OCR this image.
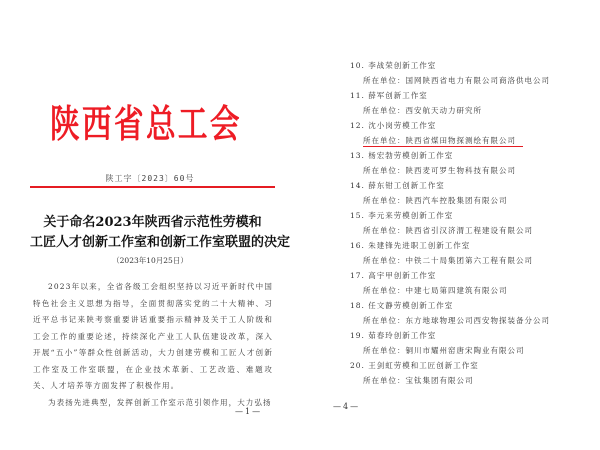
陕西省总工会
陕工字〔2023〕60号
关于命名2023年陕西省示范性劳模和
工匠人才创新工作室和创新工作室联盟的决定
（2023年10月25日）

2023年以来，全省各级工会组织坚持以习近平新时代中国特色社会主义思想为指导，全面贯彻落实党的二十大精神、习近平总书记来陕考察重要讲话重要指示精神及关于工人阶级和工会工作的重要论述，持续深化产业工人队伍建设改革，深入开展“五小”等群众性创新活动，大力创建劳模和工匠人才创新工作室及工作室联盟，在企业技术革新、工艺改造、难题攻关、人才培养等方面发挥了积极作用。

为表扬先进典型，发挥创新工作室示范引领作用，大力弘扬

—1—
10. 李战荣创新工作室
所在单位：国网陕西省电力有限公司商洛供电公司
11. 薛军创新工作室
所在单位：西安航天动力研究所
12. 沈小岗劳模工作室
所在单位：陕西省煤田物探测绘有限公司
13. 杨宏勃劳模创新工作室
所在单位：陕西麦可罗生物科技有限公司
14. 薛东钳工创新工作室
所在单位：陕西汽车控股集团有限公司
15. 李元来劳模创新工作室
所在单位：陕西省引汉济渭工程建设有限公司
16. 朱建锋先进职工创新工作室
所在单位：中铁二十局集团第六工程有限公司
17. 高宇甲创新工作室
所在单位：中建七局第四建筑有限公司
18. 任文静劳模创新工作室
所在单位：东方地球物理公司西安物探装备分公司
19. 茹春玲创新工作室
所在单位：铜川市耀州窑唐宋陶业有限公司
20. 王剑虹劳模和工匠创新工作室
所在单位：宝钛集团有限公司
—4—
